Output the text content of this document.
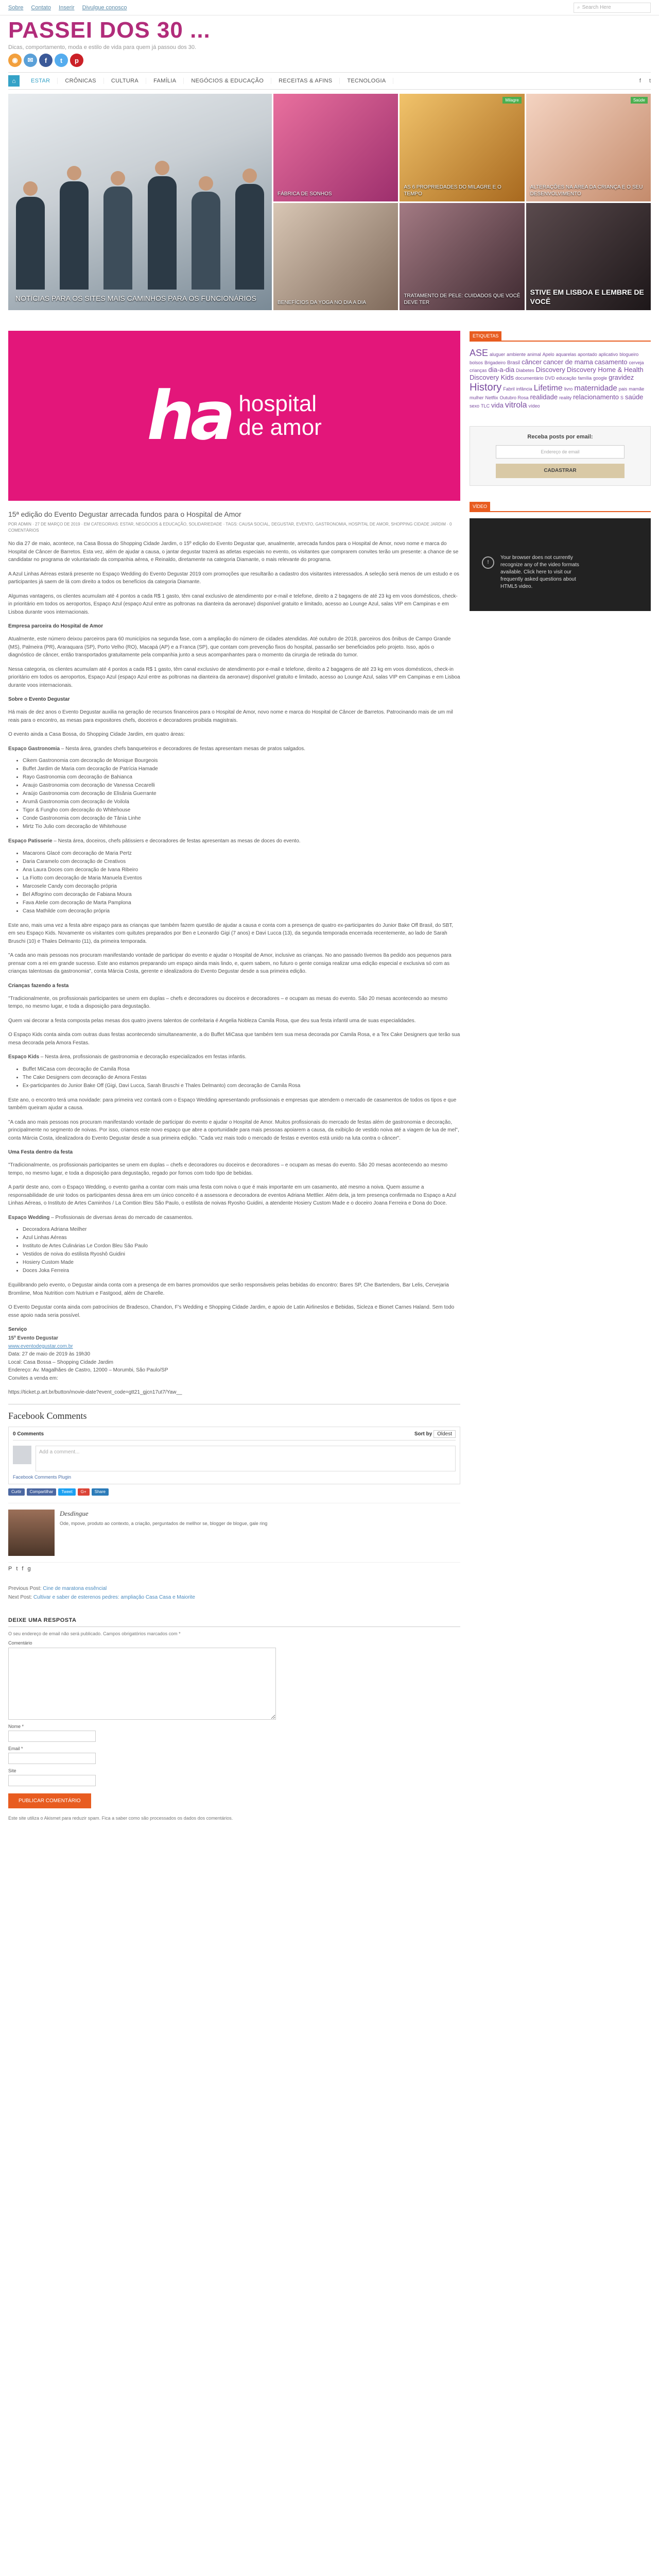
Sobre Contato Inserir Divulgue conosco	⌕ Search Here
PASSEI DOS 30 ...
Dicas, comportamento, moda e estilo de vida para quem já passou dos 30.
◉	✉	f	t	p
⌂	ESTAR	CRÔNICAS	CULTURA	FAMÍLIA	NEGÓCIOS & EDUCAÇÃO	RECEITAS & AFINS	TECNOLOGIA	f t
NOTÍCIAS PARA OS SITES MAIS CAMINHOS PARA OS FUNCIONÁRIOS
FÁBRICA DE SONHOS
Milagre
AS 6 PROPRIEDADES DO MILAGRE E O TEMPO
Saúde
ALTERAÇÕES NA ÁREA DA CRIANÇA E O SEU DESENVOLVIMENTO
BENEFÍCIOS DA YOGA NO DIA A DIA
TRATAMENTO DE PELE: CUIDADOS QUE VOCÊ DEVE TER
STIVE EM LISBOA E LEMBRE DE VOCÊ
ha hospital
de amor
15ª edição do Evento Degustar arrecada fundos para o Hospital de Amor
POR ADMIN · 27 DE MARÇO DE 2019 · EM CATEGORIAS: ESTAR, NEGÓCIOS & EDUCAÇÃO, SOLIDARIEDADE · TAGS: CAUSA SOCIAL, DEGUSTAR, EVENTO, GASTRONOMIA, HOSPITAL DE AMOR, SHOPPING CIDADE JARDIM · 0 COMENTÁRIOS

No dia 27 de maio, acontece, na Casa Bossa do Shopping Cidade Jardim, o 15º edição do Evento Degustar que, anualmente, arrecada fundos para o Hospital de Amor, novo nome e marca do Hospital de Câncer de Barretos. Esta vez, além de ajudar a causa, o jantar degustar trazerá as atletas especiais no evento, os visitantes que comprarem convites terão um presente: a chance de se candidatar no programa de voluntariado da companhia aérea, e Reinaldo, diretamente na categoria Diamante, o mais relevante do programa.

A Azul Linhas Aéreas estará presente no Espaço Wedding do Evento Degustar 2019 com promoções que resultarão a cadastro dos visitantes interessados. A seleção será menos de um estudo e os participantes já saem de lá com direito a todos os benefícios da categoria Diamante.

Algumas vantagens, os clientes acumulam até 4 pontos a cada R$ 1 gasto, têm canal exclusivo de atendimento por e-mail e telefone, direito a 2 bagagens de até 23 kg em voos domésticos, check-in prioritário em todos os aeroportos, Espaço Azul (espaço Azul entre as poltronas na dianteira da aeronave) disponível gratuito e limitado, acesso ao Lounge Azul, salas VIP em Campinas e em Lisboa durante voos internacionais.

Empresa parceira do Hospital de Amor

Atualmente, este número deixou parceiros para 60 municípios na segunda fase, com a ampliação do número de cidades atendidas. Até outubro de 2018, parceiros dos ônibus de Campo Grande (MS), Palmeira (PR), Araraquara (SP), Porto Velho (RO), Macapá (AP) e a Franca (SP), que contam com prevenção fixos do hospital, passarão ser beneficiados pelo projeto. Isso, após o diagnóstico de câncer, então transportados gratuitamente pela companhia junto a seus acompanhantes para o momento da cirurgia de retirada do tumor.

Nessa categoria, os clientes acumulam até 4 pontos a cada R$ 1 gasto, têm canal exclusivo de atendimento por e-mail e telefone, direito a 2 bagagens de até 23 kg em voos domésticos, check-in prioritário em todos os aeroportos, Espaço Azul (espaço Azul entre as poltronas na dianteira da aeronave) disponível gratuito e limitado, acesso ao Lounge Azul, salas VIP em Campinas e em Lisboa durante voos internacionais.

Sobre o Evento Degustar

Há mais de dez anos o Evento Degustar auxilia na geração de recursos financeiros para o Hospital de Amor, novo nome e marca do Hospital de Câncer de Barretos. Patrocinando mais de um mil reais para o encontro, as mesas para expositores chefs, doceiros e decoradores proibida magistrais.

O evento ainda a Casa Bossa, do Shopping Cidade Jardim, em quatro áreas:

Espaço Gastronomia – Nesta área, grandes chefs banqueteiros e decoradores de festas apresentam mesas de pratos salgados.

• Cikem Gastronomia com decoração de Monique Bourgeois
• Buffet Jardim de Maria com decoração de Patrícia Hamade
• Rayo Gastronomia com decoração de Bahianca
• Araujo Gastronomia com decoração de Vanessa Cecarelli
• Araújo Gastronomia com decoração de Elisânia Guerrante
• Arumã Gastronomia com decoração de Voilola
• Tigor & Fungho com decoração do Whitehouse
• Conde Gastronomia com decoração de Tânia Linhe
• Mirtz Tio Julio com decoração de Whitehouse

Espaço Patisserie – Nesta área, doceiros, chefs pâtissiers e decoradores de festas apresentam as mesas de doces do evento.

• Macarons Glacé com decoração de Maria Pertz
• Daria Caramelo com decoração de Creativos
• Ana Laura Doces com decoração de Ivana Ribeiro
• La Fiotto com decoração de Maria Manuela Eventos
• Marcosele Candy com decoração própria
• Bel Affogrino com decoração de Fabiana Moura
• Fava Atelie com decoração de Marta Pamplona
• Casa Mathilde com decoração própria

Este ano, mais uma vez a festa abre espaço para as crianças que também fazem questão de ajudar a causa e conta com a presença de quatro ex-participantes do Junior Bake Off Brasil, do SBT, em seu Espaço Kids. Novamente os visitantes com quitutes preparados por Ben e Leonardo Gigi (7 anos) e Davi Lucca (13), da segunda temporada encerrada recentemente, ao lado de Sarah Bruschi (10) e Thales Delmanto (11), da primeira temporada.

"A cada ano mais pessoas nos procuram manifestando vontade de participar do evento e ajudar o Hospital de Amor, inclusive as crianças. No ano passado tivemos 8a pedido aos pequenos para prensar com a rei em grande sucesso. Este ano estamos preparando um espaço ainda mais lindo, e, quem sabem, no futuro o gente consiga realizar uma edição especial e exclusiva só com as crianças talentosas da gastronomia", conta Márcia Costa, gerente e idealizadora do Evento Degustar desde a sua primeira edição.

Crianças fazendo a festa

"Tradicionalmente, os profissionais participantes se unem em duplas – chefs e decoradores ou doceiros e decoradores – e ocupam as mesas do evento. São 20 mesas acontecendo ao mesmo tempo, no mesmo lugar, e toda a disposição para degustação.

Quem vai decorar a festa composta pelas mesas dos quatro jovens talentos de confeitaria é Angelia Nobleza Camila Rosa, que deu sua festa infantil uma de suas especialidades.

O Espaço Kids conta ainda com outras duas festas acontecendo simultaneamente, a do Buffet MiCasa que também tem sua mesa decorada por Camila Rosa, e a Tex Cake Designers que terão sua mesa decorada pela Amora Festas.

Espaço Kids – Nesta área, profissionais de gastronomia e decoração especializados em festas infantis.

• Buffet MiCasa com decoração de Camila Rosa
• The Cake Designers com decoração de Amora Festas
• Ex-participantes do Junior Bake Off (Gigi, Davi Lucca, Sarah Bruschi e Thales Delmanto) com decoração de Camila Rosa

Este ano, o encontro terá uma novidade: para primeira vez contará com o Espaço Wedding apresentando profissionais e empresas que atendem o mercado de casamentos de todos os tipos e que também queiram ajudar a causa.

"A cada ano mais pessoas nos procuram manifestando vontade de participar do evento e ajudar o Hospital de Amor. Muitos profissionais do mercado de festas além de gastronomia e decoração, principalmente no segmento de noivas. Por isso, criamos este novo espaço que abre a oportunidade para mais pessoas apoiarem a causa, da exibição de vestido noiva até a viagem de lua de mel", conta Márcia Costa, idealizadora do Evento Degustar desde a sua primeira edição. "Cada vez mais todo o mercado de festas e eventos está unido na luta contra o câncer".

Uma Festa dentro da festa

"Tradicionalmente, os profissionais participantes se unem em duplas – chefs e decoradores ou doceiros e decoradores – e ocupam as mesas do evento. São 20 mesas acontecendo ao mesmo tempo, no mesmo lugar, e toda a disposição para degustação, regado por fornos com todo tipo de bebidas.

A partir deste ano, com o Espaço Wedding, o evento ganha a contar com mais uma festa com noiva o que é mais importante em um casamento, até mesmo a noiva. Quem assume a responsabilidade de unir todos os participantes dessa área em um único conceito é a assessora e decoradora de eventos Adriana Mettlier. Além dela, ja tem presença confirmada no Espaço a Azul Linhas Aéreas, o Instituto de Artes Caminhos / La Comtion Bleu São Paulo, o estilista de noivas Ryosho Guidini, a atendente Hosiery Custom Made e o doceiro Joana Ferreira e Dona do Doce.

Espaço Wedding – Profissionais de diversas áreas do mercado de casamentos.

• Decoradora Adriana Meilher
• Azul Linhas Aéreas
• Instituto de Artes Culinárias Le Cordon Bleu São Paulo
• Vestidos de noiva do estilista Ryoshô Guidini
• Hosiery Custom Made
• Doces Joka Ferreira

Equilibrando pelo evento, o Degustar ainda conta com a presença de em barres promovidos que serão responsáveis pelas bebidas do encontro: Bares SP, Che Bartenders, Bar Lelis, Cervejaria Bromlime, Moa Nutrition com Nutrium e Fastgood, além de Charelle.

O Evento Degustar conta ainda com patrocínios de Bradesco, Chandon, F's Wedding e Shopping Cidade Jardim, e apoio de Latin Airlineslos e Bebidas, Sicleza e Bionet Carnes Haland. Sem todo esse apoio nada seria possível.

Serviço

15º Evento Degustar
www.eventodegustar.com.br
Data: 27 de maio de 2019 às 19h30
Local: Casa Bossa – Shopping Cidade Jardim
Endereço: Av. Magalhães de Castro, 12000 – Morumbi, São Paulo/SP
Convites a venda em:

https://ticket.p.art.br/button/movie-date?event_code=gtt21_gjcn17ut7/Yaw__

Facebook Comments
0 Comments	Sort by Oldest
Add a comment...
Facebook Comments Plugin
Curtir	Compartilhar	Tweet	G+	Share
Desdingue
Ode, mpove, produto ao contexto, a criação, perguntados de mellhor se, blogger de blogue, gale ring
P t f g
Previous Post: Cine de maratona essêncial
Next Post: Cultivar e saber de esterenos pedres: ampliação Casa Casa e Maiorite
DEIXE UMA RESPOSTA
O seu endereço de email não será publicado. Campos obrigatórios marcados com *
Comentário
Nome *
Email *
Site
PUBLICAR COMENTÁRIO
Este site utiliza o Akismet para reduzir spam. Fica a saber como são processados os dados dos comentários.
ETIQUETAS
ASE aluguer ambiente animal Apelo aquarelas apontado aplicativo blogueirobolsos Brigadeiro Brasil câncer cancer de mama casamento cervejacrianças dia-a-dia Diabetes Discovery Discovery Home & HealthDiscovery Kids documentário DVD educação família google gravidezHistory Fabril infância Lifetime livro maternidade pais mamãemulher Netflix Outubro Rosa realidade reality relacionamento S saúdesexo TLC vida vitrola vídeo
Receba posts por email:
Endereço de email
CADASTRAR
VÍDEO
!
Your browser does not currently recognize any of the video formats available. Click here to visit our frequently asked questions about HTML5 video.
